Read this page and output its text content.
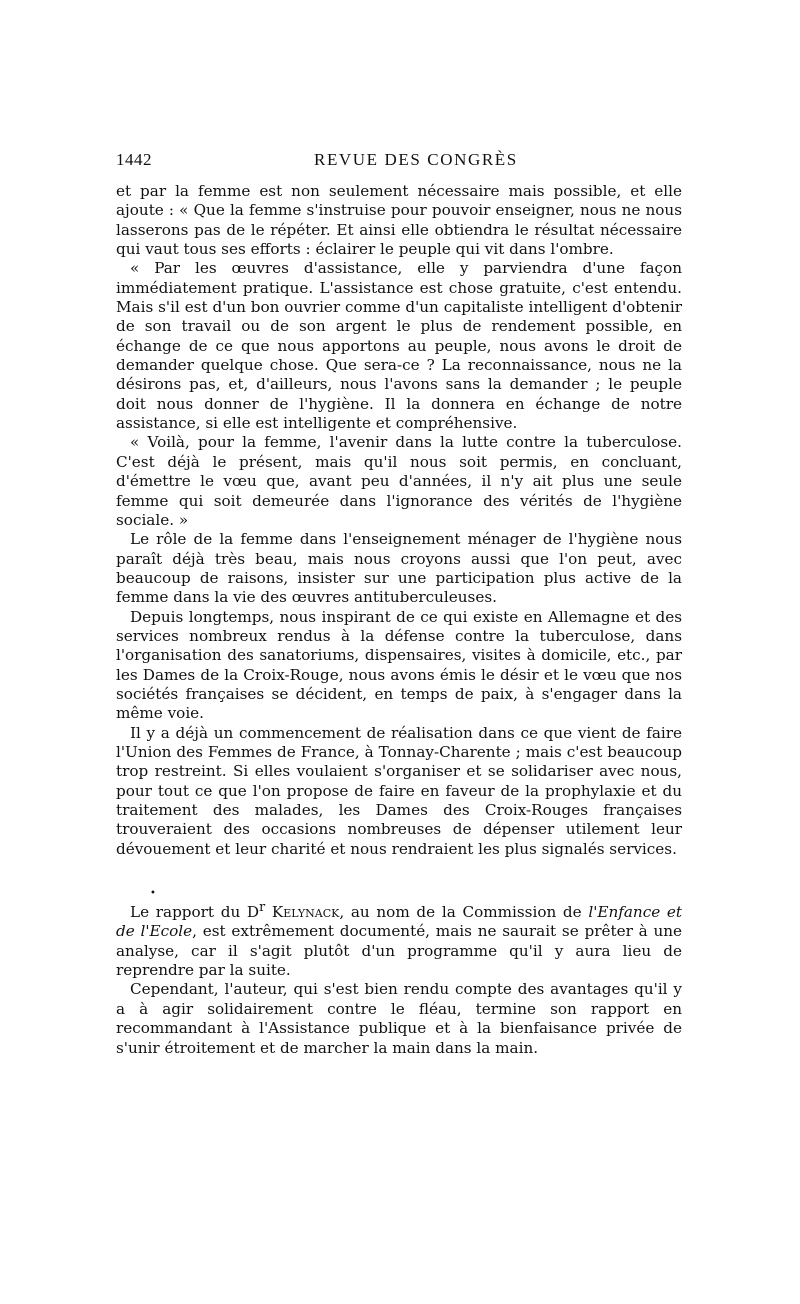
1442	REVUE DES CONGRÈS

et par la femme est non seulement nécessaire mais possible, et elle ajoute : « Que la femme s'instruise pour pouvoir enseigner, nous ne nous lasserons pas de le répéter. Et ainsi elle obtiendra le résultat nécessaire qui vaut tous ses efforts : éclairer le peuple qui vit dans l'ombre.

« Par les œuvres d'assistance, elle y parviendra d'une façon immédiatement pratique. L'assistance est chose gratuite, c'est entendu. Mais s'il est d'un bon ouvrier comme d'un capitaliste intelligent d'obtenir de son travail ou de son argent le plus de rendement possible, en échange de ce que nous apportons au peuple, nous avons le droit de demander quelque chose. Que sera-ce ? La reconnaissance, nous ne la désirons pas, et, d'ailleurs, nous l'avons sans la demander ; le peuple doit nous donner de l'hygiène. Il la donnera en échange de notre assistance, si elle est intelligente et compréhensive.

« Voilà, pour la femme, l'avenir dans la lutte contre la tuberculose. C'est déjà le présent, mais qu'il nous soit permis, en concluant, d'émettre le vœu que, avant peu d'années, il n'y ait plus une seule femme qui soit demeurée dans l'ignorance des vérités de l'hygiène sociale. »

Le rôle de la femme dans l'enseignement ménager de l'hygiène nous paraît déjà très beau, mais nous croyons aussi que l'on peut, avec beaucoup de raisons, insister sur une participation plus active de la femme dans la vie des œuvres antituberculeuses.

Depuis longtemps, nous inspirant de ce qui existe en Allemagne et des services nombreux rendus à la défense contre la tuberculose, dans l'organisation des sanatoriums, dispensaires, visites à domicile, etc., par les Dames de la Croix-Rouge, nous avons émis le désir et le vœu que nos sociétés françaises se décident, en temps de paix, à s'engager dans la même voie.

Il y a déjà un commencement de réalisation dans ce que vient de faire l'Union des Femmes de France, à Tonnay-Charente ; mais c'est beaucoup trop restreint. Si elles voulaient s'organiser et se solidariser avec nous, pour tout ce que l'on propose de faire en faveur de la prophylaxie et du traitement des malades, les Dames des Croix-Rouges françaises trouveraient des occasions nombreuses de dépenser utilement leur dévouement et leur charité et nous rendraient les plus signalés services.

•

Le rapport du $D^r$ Kelynack, au nom de la Commission de l'Enfance et de l'Ecole, est extrêmement documenté, mais ne saurait se prêter à une analyse, car il s'agit plutôt d'un programme qu'il y aura lieu de reprendre par la suite.

Cependant, l'auteur, qui s'est bien rendu compte des avantages qu'il y a à agir solidairement contre le fléau, termine son rapport en recommandant à l'Assistance publique et à la bienfaisance privée de s'unir étroitement et de marcher la main dans la main.
